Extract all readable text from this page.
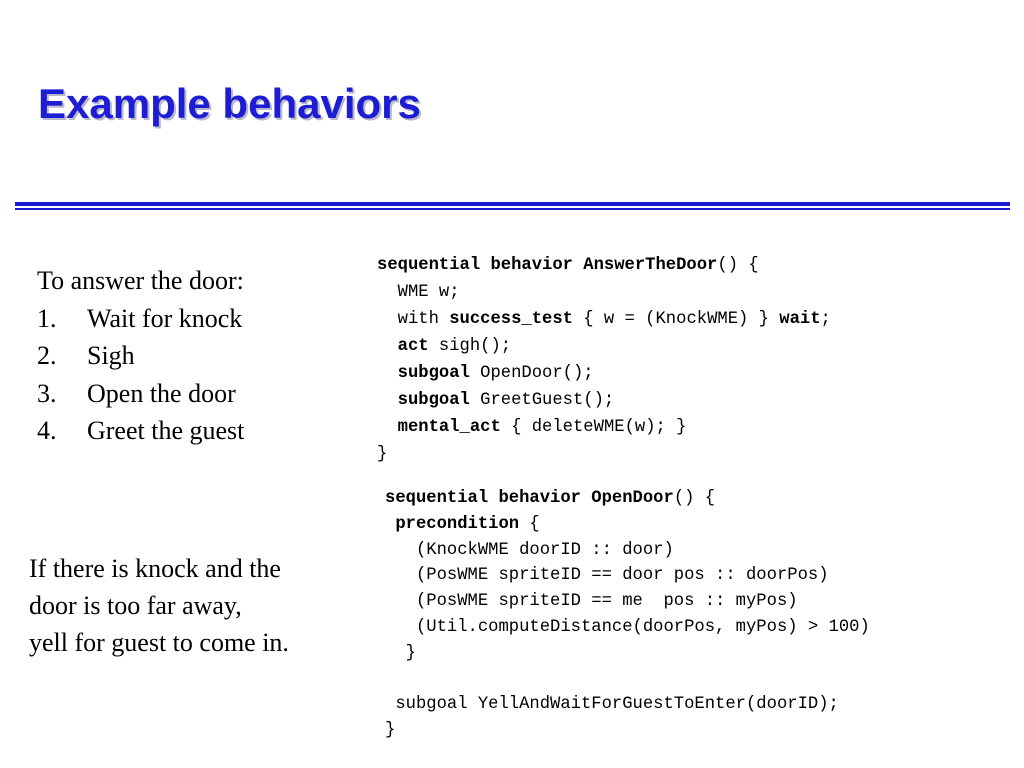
Example behaviors
To answer the door:
1.	Wait for knock
2.	Sigh
3.	Open the door
4.	Greet the guest
If there is knock and the
door is too far away,
yell for guest to come in.
sequential behavior AnswerTheDoor() {
WME w;
with success_test { w = (KnockWME) } wait;
act sigh();
subgoal OpenDoor();
subgoal GreetGuest();
mental_act { deleteWME(w); }
}
sequential behavior OpenDoor() {
precondition {
(KnockWME doorID :: door)
(PosWME spriteID == door pos :: doorPos)
(PosWME spriteID == me  pos :: myPos)
(Util.computeDistance(doorPos, myPos) > 100)
}
subgoal YellAndWaitForGuestToEnter(doorID);
}
